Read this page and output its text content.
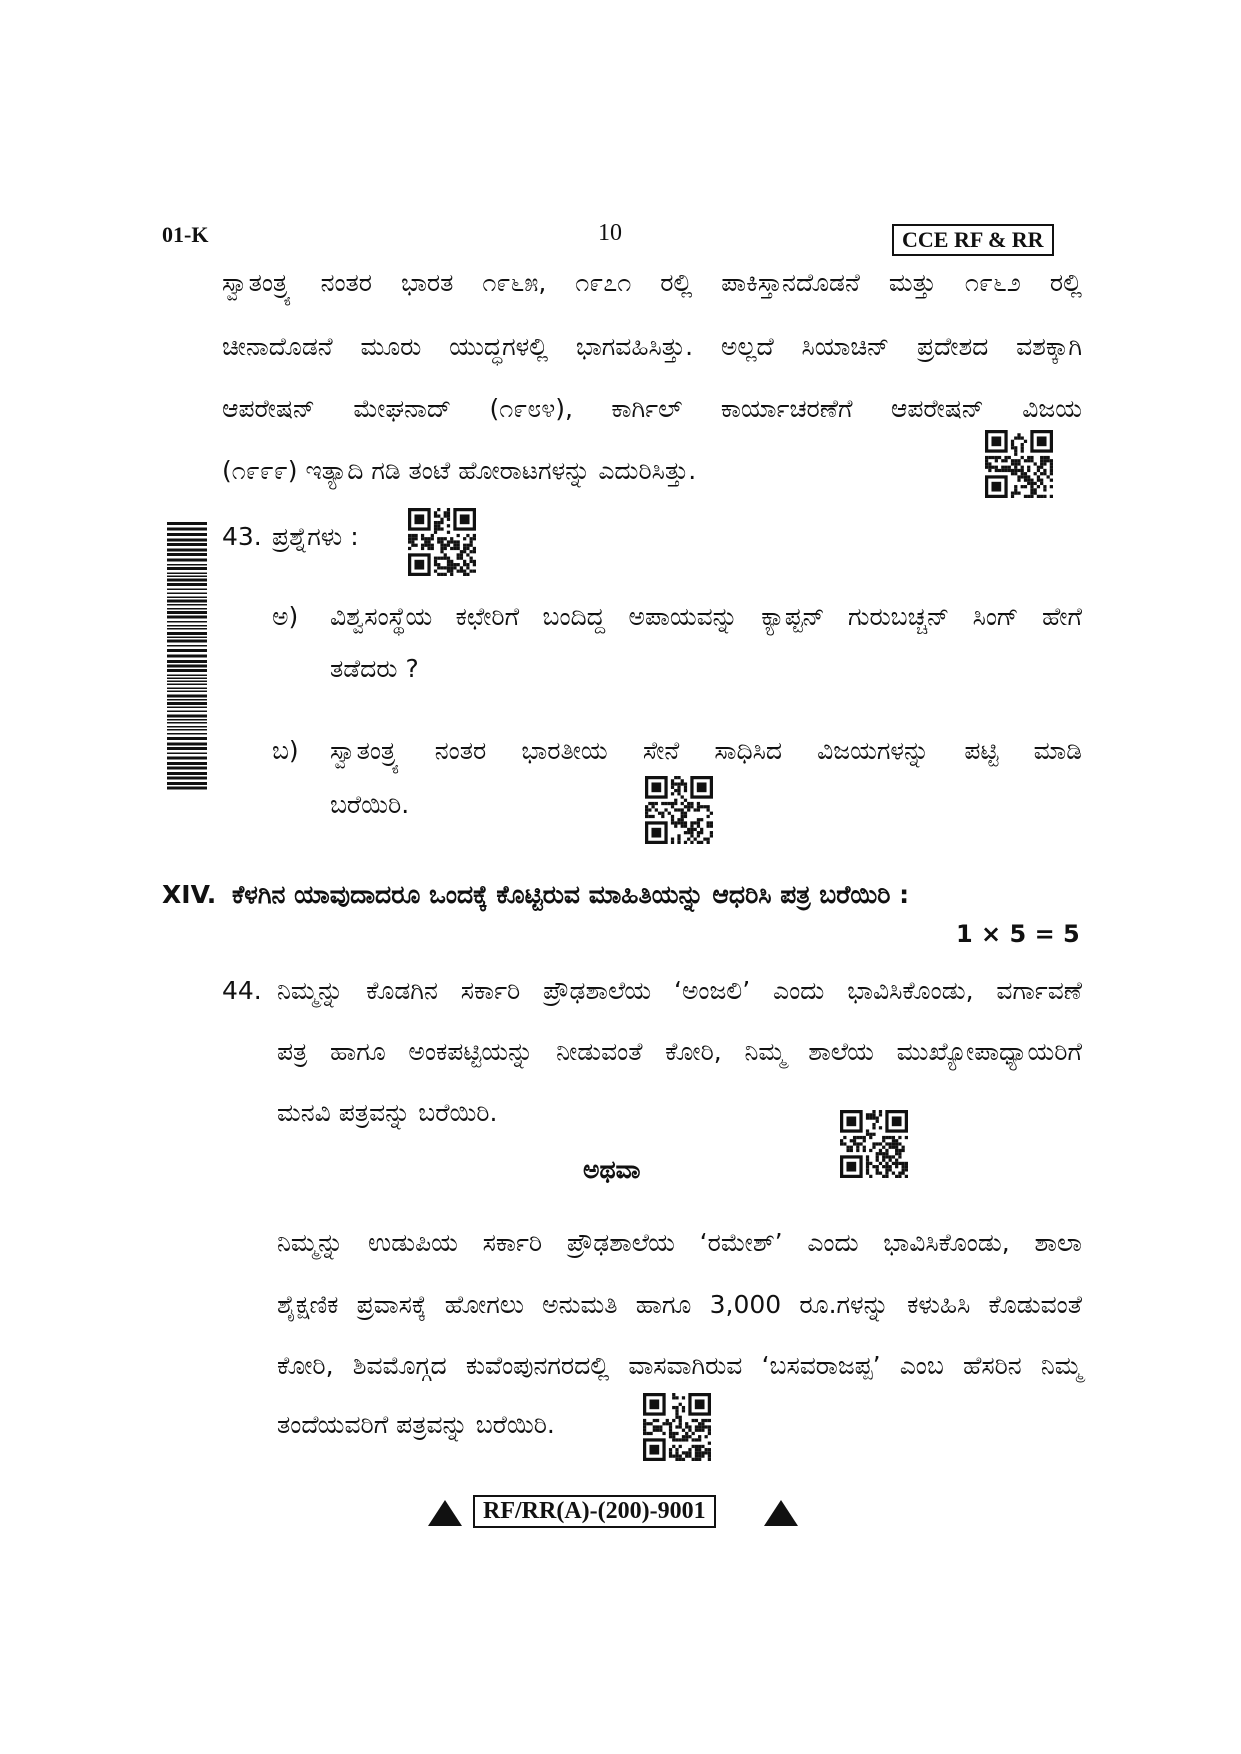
01-K	10	CCE RF & RR
ಸ್ವಾತಂತ್ರ್ಯ ನಂತರ ಭಾರತ ೧೯೬೫, ೧೯೭೧ ರಲ್ಲಿ ಪಾಕಿಸ್ತಾನದೊಡನೆ ಮತ್ತು ೧೯೬೨ ರಲ್ಲಿ
ಚೀನಾದೊಡನೆ ಮೂರು ಯುದ್ಧಗಳಲ್ಲಿ ಭಾಗವಹಿಸಿತ್ತು. ಅಲ್ಲದೆ ಸಿಯಾಚಿನ್ ಪ್ರದೇಶದ ವಶಕ್ಕಾಗಿ
ಆಪರೇಷನ್ ಮೇಘನಾದ್ (೧೯೮೪), ಕಾರ್ಗಿಲ್ ಕಾರ್ಯಾಚರಣೆಗೆ ಆಪರೇಷನ್ ವಿಜಯ
(೧೯೯೯) ಇತ್ಯಾದಿ ಗಡಿ ತಂಟೆ ಹೋರಾಟಗಳನ್ನು ಎದುರಿಸಿತ್ತು.
43. ಪ್ರಶ್ನೆಗಳು :
ಅ) ವಿಶ್ವಸಂಸ್ಥೆಯ ಕಛೇರಿಗೆ ಬಂದಿದ್ದ ಅಪಾಯವನ್ನು ಕ್ಯಾಪ್ಟನ್ ಗುರುಬಚ್ಚನ್ ಸಿಂಗ್ ಹೇಗೆ
ತಡೆದರು ?
ಬ) ಸ್ವಾತಂತ್ರ್ಯ ನಂತರ ಭಾರತೀಯ ಸೇನೆ ಸಾಧಿಸಿದ ವಿಜಯಗಳನ್ನು ಪಟ್ಟಿ ಮಾಡಿ
ಬರೆಯಿರಿ.
XIV. ಕೆಳಗಿನ ಯಾವುದಾದರೂ ಒಂದಕ್ಕೆ ಕೊಟ್ಟಿರುವ ಮಾಹಿತಿಯನ್ನು ಆಧರಿಸಿ ಪತ್ರ ಬರೆಯಿರಿ :
1 × 5 = 5
44. ನಿಮ್ಮನ್ನು ಕೊಡಗಿನ ಸರ್ಕಾರಿ ಪ್ರೌಢಶಾಲೆಯ ‘ಅಂಜಲಿ’ ಎಂದು ಭಾವಿಸಿಕೊಂಡು, ವರ್ಗಾವಣೆ
ಪತ್ರ ಹಾಗೂ ಅಂಕಪಟ್ಟಿಯನ್ನು ನೀಡುವಂತೆ ಕೋರಿ, ನಿಮ್ಮ ಶಾಲೆಯ ಮುಖ್ಯೋಪಾಧ್ಯಾಯರಿಗೆ
ಮನವಿ ಪತ್ರವನ್ನು ಬರೆಯಿರಿ.
ಅಥವಾ
ನಿಮ್ಮನ್ನು ಉಡುಪಿಯ ಸರ್ಕಾರಿ ಪ್ರೌಢಶಾಲೆಯ ‘ರಮೇಶ್’ ಎಂದು ಭಾವಿಸಿಕೊಂಡು, ಶಾಲಾ
ಶೈಕ್ಷಣಿಕ ಪ್ರವಾಸಕ್ಕೆ ಹೋಗಲು ಅನುಮತಿ ಹಾಗೂ 3,000 ರೂ.ಗಳನ್ನು ಕಳುಹಿಸಿ ಕೊಡುವಂತೆ
ಕೋರಿ, ಶಿವಮೊಗ್ಗದ ಕುವೆಂಪುನಗರದಲ್ಲಿ ವಾಸವಾಗಿರುವ ‘ಬಸವರಾಜಪ್ಪ’ ಎಂಬ ಹೆಸರಿನ ನಿಮ್ಮ
ತಂದೆಯವರಿಗೆ ಪತ್ರವನ್ನು ಬರೆಯಿರಿ.
RF/RR(A)-(200)-9001
